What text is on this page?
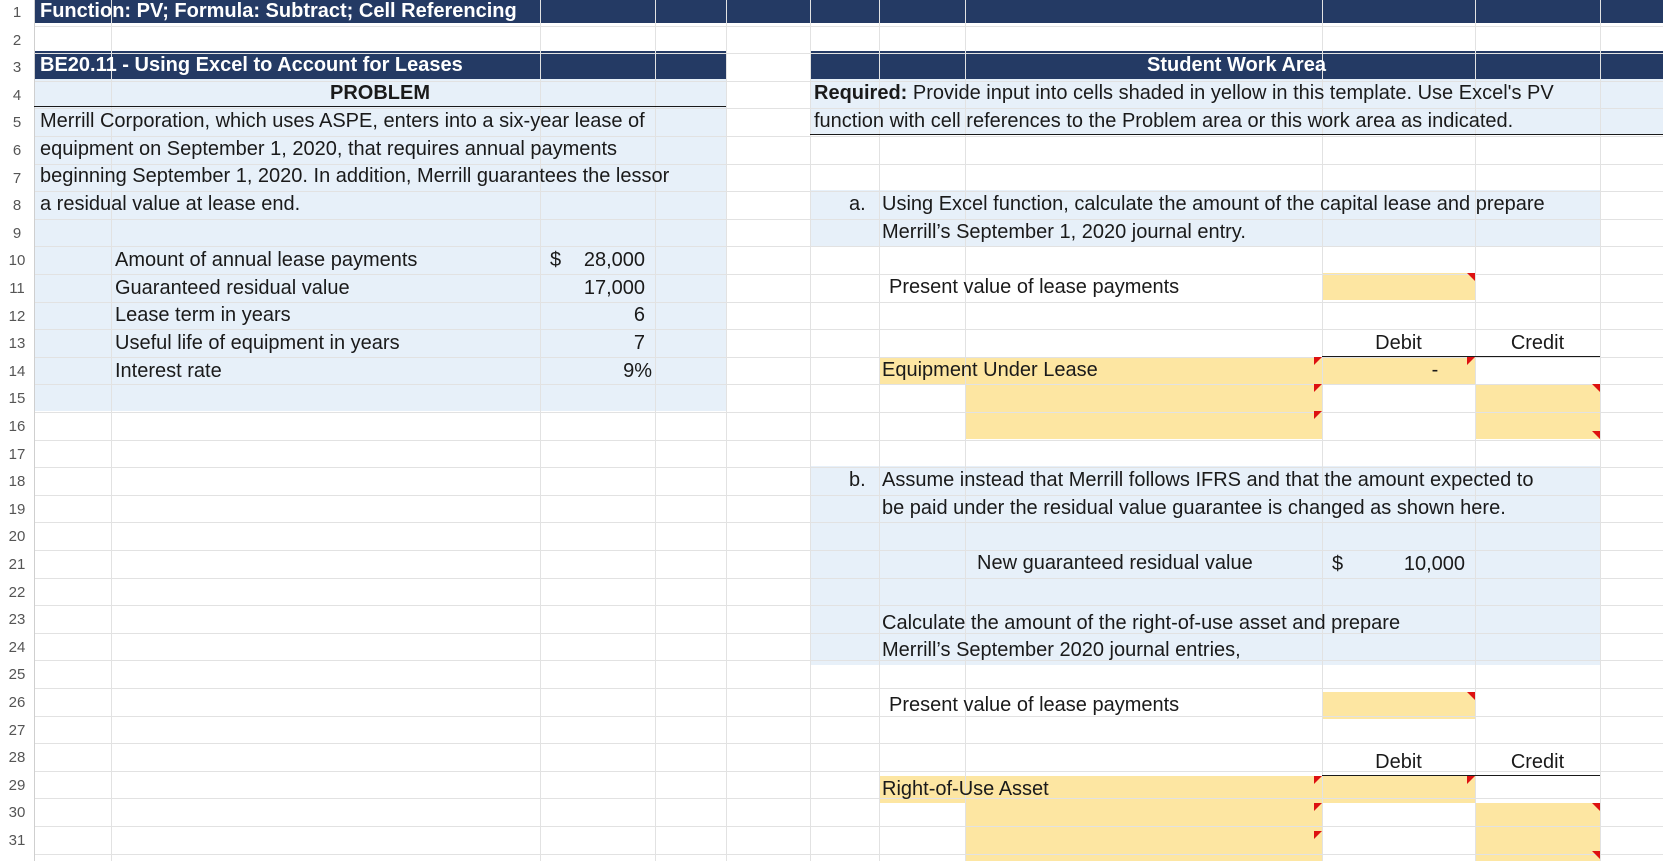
1
2
3
4
5
6
7
8
9
10
11
12
13
14
15
16
17
18
19
20
21
22
23
24
25
26
27
28
29
30
31
Function: PV; Formula: Subtract; Cell Referencing
BE20.11 - Using Excel to Account for Leases
PROBLEM
Merrill Corporation, which uses ASPE, enters into a six-year lease of
equipment on September 1, 2020, that requires annual payments
beginning September 1, 2020. In addition, Merrill guarantees the lessor
a residual value at lease end.
Amount of annual lease payments	$	28,000
Guaranteed residual value	17,000
Lease term in years	6
Useful life of equipment in years	7
Interest rate	9%
Student Work Area
Required: Provide input into cells shaded in yellow in this template. Use Excel's PV
function with cell references to the Problem area or this work area as indicated.
a. Using Excel function, calculate the amount of the capital lease and prepare
Merrill’s September 1, 2020 journal entry.
Present value of lease payments
Debit	Credit
Equipment Under Lease	-
b. Assume instead that Merrill follows IFRS and that the amount expected to
be paid under the residual value guarantee is changed as shown here.
New guaranteed residual value	$	10,000
Calculate the amount of the right-of-use asset and prepare
Merrill’s September 2020 journal entries,
Present value of lease payments
Debit	Credit
Right-of-Use Asset
